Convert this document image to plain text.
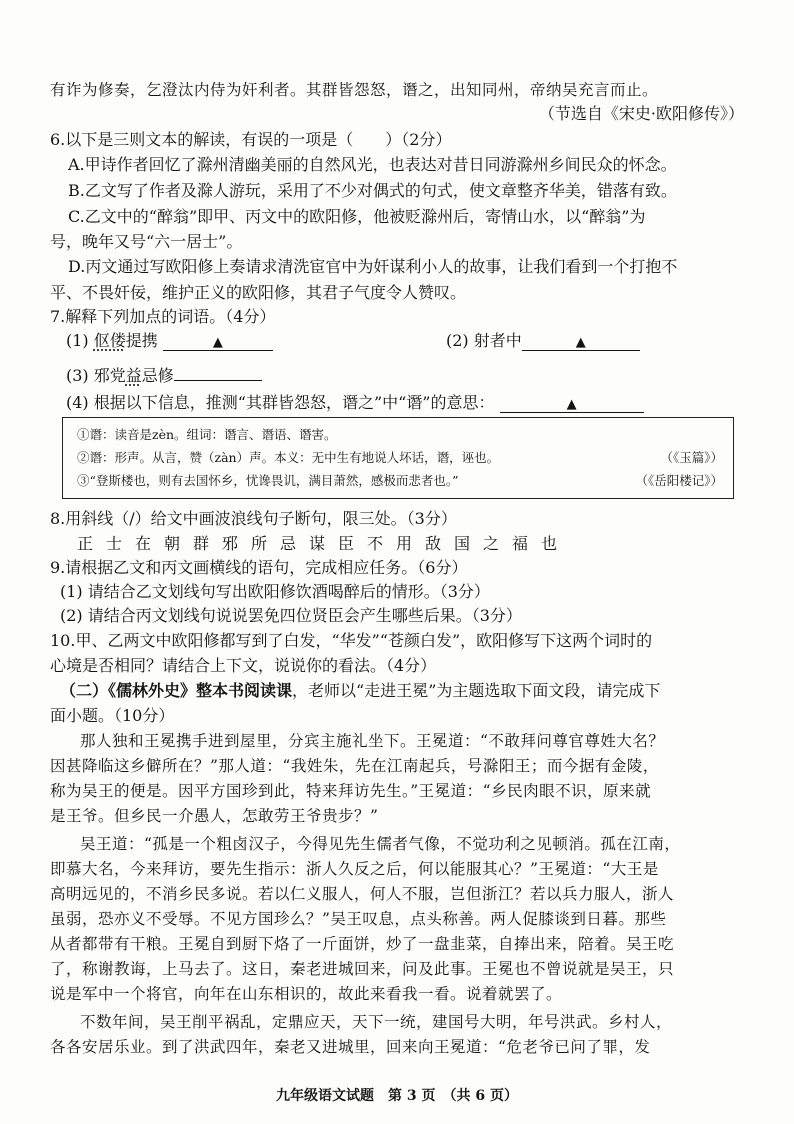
有诈为修奏，乞澄汰内侍为奸利者。其群皆怨怒，谮之，出知同州，帝纳吴充言而止。
（节选自《宋史·欧阳修传》）
6.以下是三则文本的解读，有误的一项是（　　）（2分）
A.甲诗作者回忆了滁州清幽美丽的自然风光，也表达对昔日同游滁州乡间民众的怀念。
B.乙文写了作者及滁人游玩，采用了不少对偶式的句式，使文章整齐华美，错落有致。
C.乙文中的“醉翁”即甲、丙文中的欧阳修，他被贬滁州后，寄情山水，以“醉翁”为
号，晚年又号“六一居士”。
D.丙文通过写欧阳修上奏请求清洗宦官中为奸谋利小人的故事，让我们看到一个打抱不
平、不畏奸佞，维护正义的欧阳修，其君子气度令人赞叹。
7.解释下列加点的词语。（4分）
(1) 伛偻提携	▲	(2) 射者中	▲
(3) 邪党益忌修
(4) 根据以下信息，推测“其群皆怨怒，谮之”中“谮”的意思：	▲
①谮：读音是zèn。组词：谮言、谮语、谮害。
②谮：形声。从言，赞（zàn）声。本义：无中生有地说人坏话，谮，诬也。	（《玉篇》）
③“登斯楼也，则有去国怀乡，忧谗畏讥，满目萧然，感极而悲者也。”	（《岳阳楼记》）
8.用斜线（/）给文中画波浪线句子断句，限三处。（3分）
正士在朝群邪所忌谋臣不用敌国之福也
9.请根据乙文和丙文画横线的语句，完成相应任务。（6分）
(1) 请结合乙文划线句写出欧阳修饮酒喝醉后的情形。（3分）
(2) 请结合丙文划线句说说罢免四位贤臣会产生哪些后果。（3分）
10.甲、乙两文中欧阳修都写到了白发，“华发”“苍颜白发”，欧阳修写下这两个词时的
心境是否相同？请结合上下文，说说你的看法。（4分）
（二）《儒林外史》整本书阅读课，老师以“走进王冕”为主题选取下面文段，请完成下
面小题。（10分）
那人独和王冕携手进到屋里，分宾主施礼坐下。王冕道：“不敢拜问尊官尊姓大名？
因甚降临这乡僻所在？”那人道：“我姓朱，先在江南起兵，号滁阳王；而今据有金陵，
称为吴王的便是。因平方国珍到此，特来拜访先生。”王冕道：“乡民肉眼不识，原来就
是王爷。但乡民一介愚人，怎敢劳王爷贵步？”
吴王道：“孤是一个粗卤汉子，今得见先生儒者气像，不觉功利之见顿消。孤在江南，
即慕大名，今来拜访，要先生指示：浙人久反之后，何以能服其心？”王冕道：“大王是
高明远见的，不消乡民多说。若以仁义服人，何人不服，岂但浙江？若以兵力服人，浙人
虽弱，恐亦义不受辱。不见方国珍么？”吴王叹息，点头称善。两人促膝谈到日暮。那些
从者都带有干粮。王冕自到厨下烙了一斤面饼，炒了一盘韭菜，自捧出来，陪着。吴王吃
了，称谢教诲，上马去了。这日，秦老进城回来，问及此事。王冕也不曾说就是吴王，只
说是军中一个将官，向年在山东相识的，故此来看我一看。说着就罢了。
不数年间，吴王削平祸乱，定鼎应天，天下一统，建国号大明，年号洪武。乡村人，
各各安居乐业。到了洪武四年，秦老又进城里，回来向王冕道：“危老爷已问了罪，发
九年级语文试题　第 3 页　（共 6 页）
